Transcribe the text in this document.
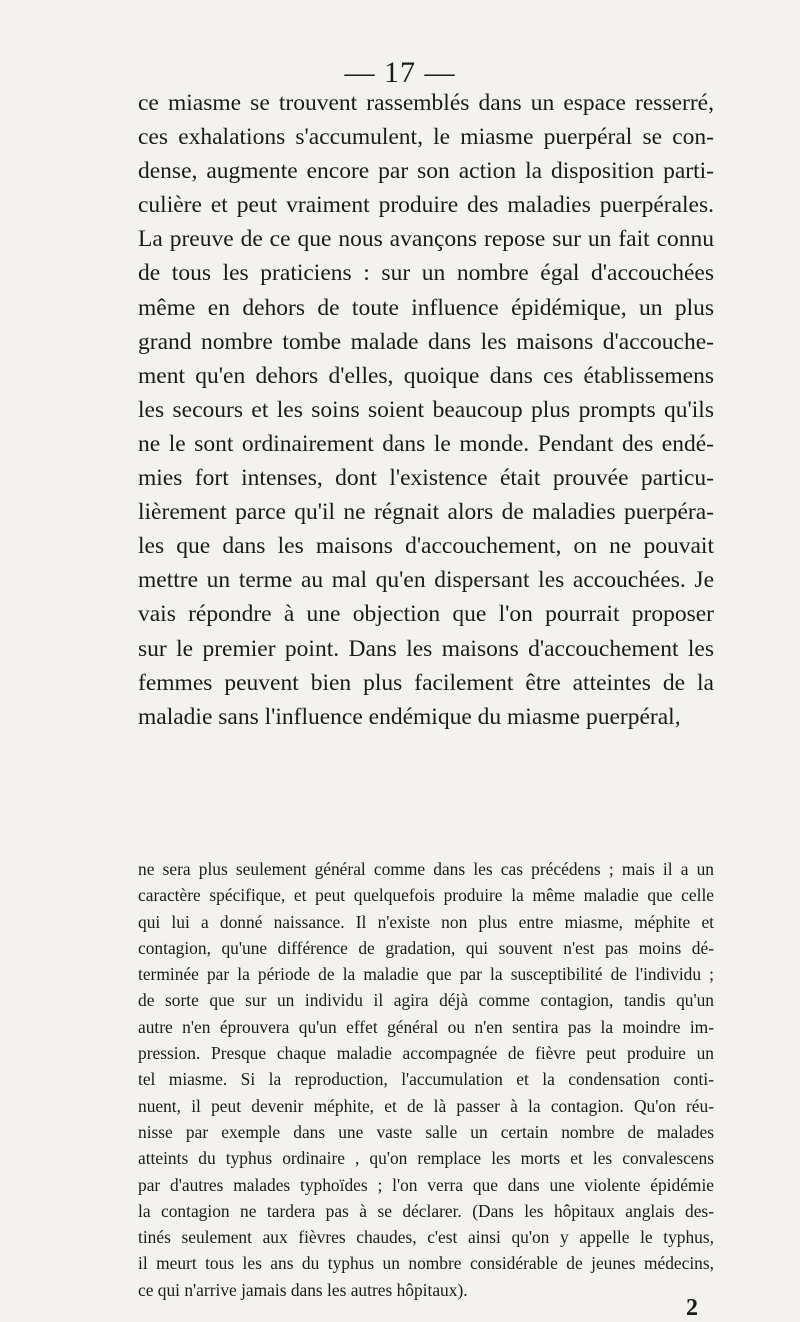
— 17 —
ce miasme se trouvent rassemblés dans un espace resserré,
ces exhalations s'accumulent, le miasme puerpéral se con-
dense, augmente encore par son action la disposition parti-
culière et peut vraiment produire des maladies puerpérales.
La preuve de ce que nous avançons repose sur un fait connu
de tous les praticiens : sur un nombre égal d'accouchées
même en dehors de toute influence épidémique, un plus
grand nombre tombe malade dans les maisons d'accouche-
ment qu'en dehors d'elles, quoique dans ces établissemens
les secours et les soins soient beaucoup plus prompts qu'ils
ne le sont ordinairement dans le monde. Pendant des endé-
mies fort intenses, dont l'existence était prouvée particu-
lièrement parce qu'il ne régnait alors de maladies puerpéra-
les que dans les maisons d'accouchement, on ne pouvait
mettre un terme au mal qu'en dispersant les accouchées. Je
vais répondre à une objection que l'on pourrait proposer
sur le premier point. Dans les maisons d'accouchement les
femmes peuvent bien plus facilement être atteintes de la
maladie sans l'influence endémique du miasme puerpéral,
ne sera plus seulement général comme dans les cas précédens ; mais il a un
caractère spécifique, et peut quelquefois produire la même maladie que celle
qui lui a donné naissance. Il n'existe non plus entre miasme, méphite et
contagion, qu'une différence de gradation, qui souvent n'est pas moins dé-
terminée par la période de la maladie que par la susceptibilité de l'individu ;
de sorte que sur un individu il agira déjà comme contagion, tandis qu'un
autre n'en éprouvera qu'un effet général ou n'en sentira pas la moindre im-
pression. Presque chaque maladie accompagnée de fièvre peut produire un
tel miasme. Si la reproduction, l'accumulation et la condensation conti-
nuent, il peut devenir méphite, et de là passer à la contagion. Qu'on réu-
nisse par exemple dans une vaste salle un certain nombre de malades
atteints du typhus ordinaire , qu'on remplace les morts et les convalescens
par d'autres malades typhoïdes ; l'on verra que dans une violente épidémie
la contagion ne tardera pas à se déclarer. (Dans les hôpitaux anglais des-
tinés seulement aux fièvres chaudes, c'est ainsi qu'on y appelle le typhus,
il meurt tous les ans du typhus un nombre considérable de jeunes médecins,
ce qui n'arrive jamais dans les autres hôpitaux).
2
